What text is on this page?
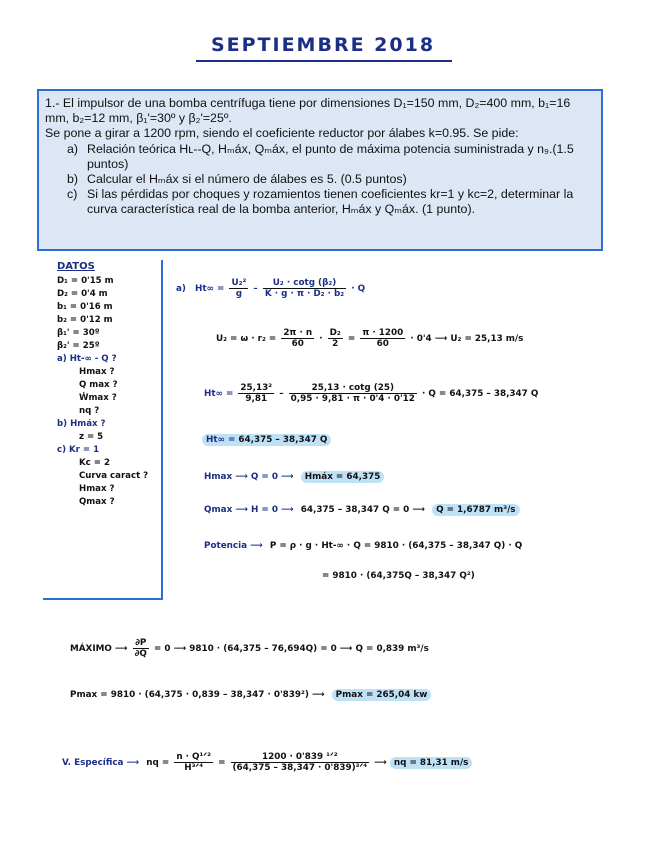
SEPTIEMBRE 2018

1.- El impulsor de una bomba centrífuga tiene por dimensiones D₁=150 mm, D₂=400 mm, b₁=16 mm, b₂=12 mm, β₁'=30º y β₂'=25º.

Se pone a girar a 1200 rpm, siendo el coeficiente reductor por álabes k=0.95. Se pide:

a) Relación teórica Hʟ‑-Q, Hₘáx, Qₘáx, el punto de máxima potencia suministrada y n₉.(1.5 puntos)
b) Calcular el Hₘáx si el número de álabes es 5. (0.5 puntos)
c) Si las pérdidas por choques y rozamientos tienen coeficientes kr=1 y kc=2, determinar la curva característica real de la bomba anterior, Hₘáx y Qₘáx. (1 punto).
DATOS
D₁ = 0'15 m
D₂ = 0'4 m
b₁ = 0'16 m
b₂ = 0'12 m
β₁' = 30º
β₂' = 25º
a) Ht-∞ - Q ?
Hmax ?
Q max ?
Ẇmax ?
nq ?
b) Hmáx ?
z = 5
c) Kr = 1
Kc = 2
Curva caract ?
Hmax ?
Qmax ?
a) $Ht\infty = \frac{\text{U₂²}}{g} - \frac{\text{U₂ · cotg (β₂)}}{\text{K · g · π · D₂ · b₂}} \cdot Q$
$U_2 = \omega \cdot r_2 = \frac{2\pi \cdot n}{60} \cdot \frac{\text{D₂}}{2} = \frac{\pi \cdot 1200}{60} \cdot 0'4$ ⟶ U₂ = 25,13 m/s
$Ht\infty = \frac{\text{25,13²}}{9,81} - \frac{25,13 \cdot \cot g (25)}{0,95 \cdot 9,81 \cdot \pi \cdot 0'4 \cdot 0'12} \cdot Q = 64,375 - 38,347$ Q
Ht∞ = 64,375 – 38,347 Q
Hmax ⟶ Q = 0 ⟶ Hmáx = 64,375
Qmax ⟶ H = 0 ⟶ 64,375 – 38,347 Q = 0 ⟶ Q = 1,6787 m³/s
Potencia ⟶ P = ρ · g · Ht-∞ · Q = 9810 · (64,375 – 38,347 Q) · Q
= 9810 · (64,375Q – 38,347 Q²)
MÁXIMO ⟶ $\frac{\partial P}{\partial Q} = 0$ ⟶ 9810 · (64,375 – 76,694Q) = 0 ⟶ Q = 0,839 m³/s
Pmax = 9810 · (64,375 · 0,839 – 38,347 · 0'839²) ⟶ Pmax = 265,04 kw
V. Específica ⟶ nq = $\frac{\text{n · Q¹ᐟ²}}{\text{H³ᐟ⁴}} = \frac{\text{1200 · 0'839 ¹ᐟ²}}{\text{(64,375 – 38,347 · 0'839)³ᐟ⁴}}$ ⟶ nq = 81,31 m/s
